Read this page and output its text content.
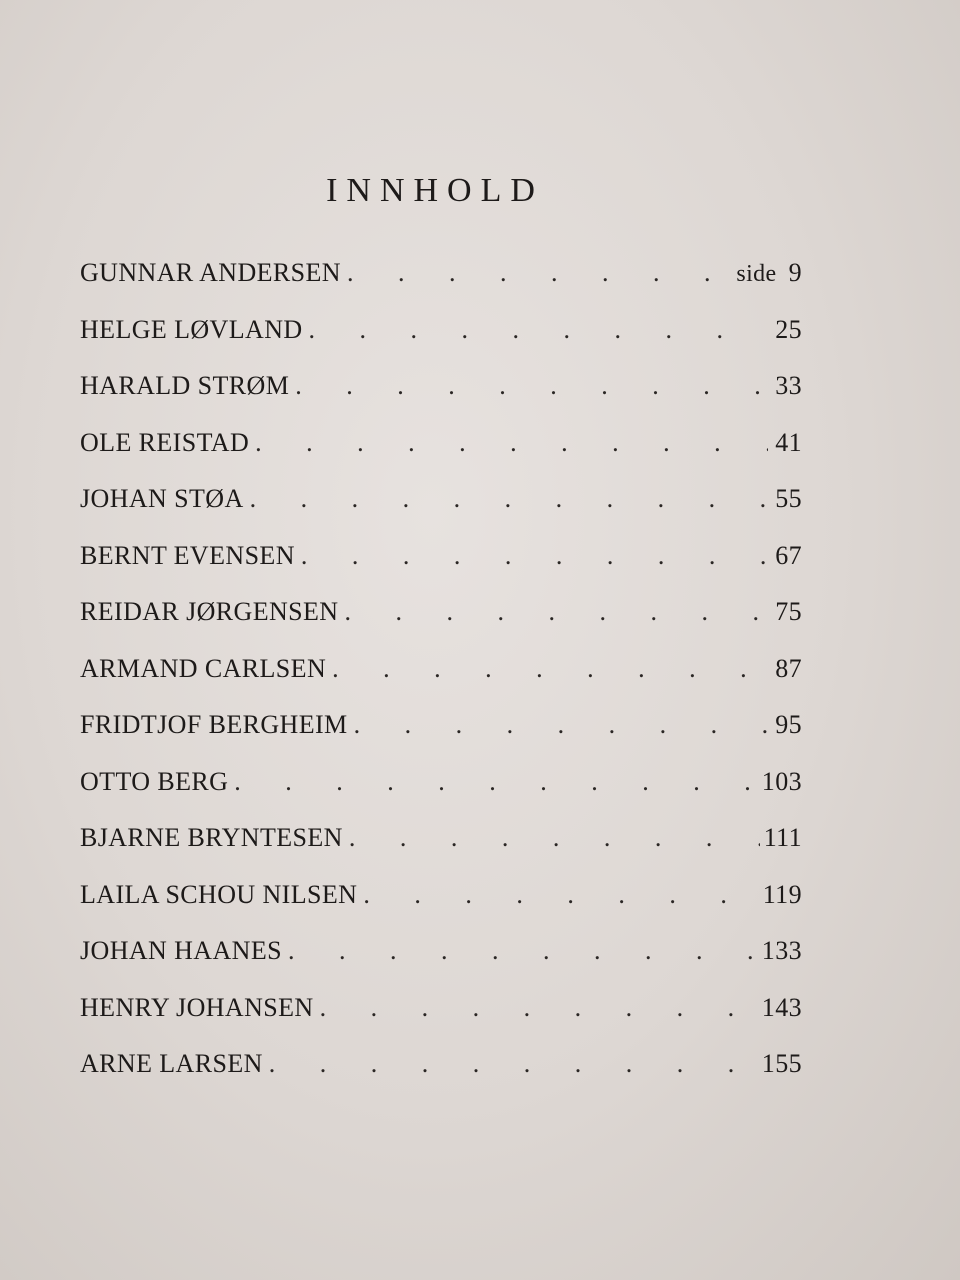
INNHOLD
GUNNAR ANDERSEN . . .	side 9
HELGE LØVLAND . . .	25
HARALD STRØM . . .	33
OLE REISTAD . . .	41
JOHAN STØA . . .	55
BERNT EVENSEN . . .	67
REIDAR JØRGENSEN . . .	75
ARMAND CARLSEN . . .	87
FRIDTJOF BERGHEIM . . .	95
OTTO BERG . . .	103
BJARNE BRYNTESEN . . .	111
LAILA SCHOU NILSEN . . .	119
JOHAN HAANES . . .	133
HENRY JOHANSEN . . .	143
ARNE LARSEN . . .	155
